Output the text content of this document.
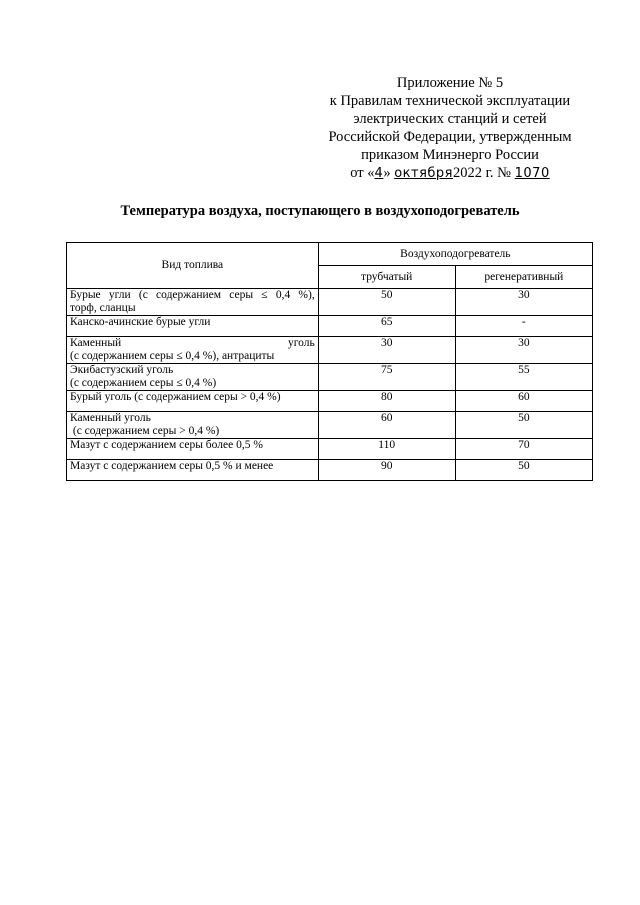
Приложение № 5
к Правилам технической эксплуатации
электрических станций и сетей
Российской Федерации, утвержденным
приказом Минэнерго России
от «4» октября2022 г. № 1070
Температура воздуха, поступающего в воздухоподогреватель
Вид топлива	Воздухоподогреватель	
	трубчатый	регенеративный

Бурые угли (с содержанием серы ≤ 0,4 %),
торф, сланцы	50	30

Канско-ачинские бурые угли	65	-

Каменный уголь
(с содержанием серы ≤ 0,4 %), антрациты	30	30

Экибастузский уголь
(с содержанием серы ≤ 0,4 %)	75	55

Бурый уголь (с содержанием серы > 0,4 %)	80	60

Каменный уголь
(с содержанием серы > 0,4 %)	60	50

Мазут с содержанием серы более 0,5 %	110	70

Мазут с содержанием серы 0,5 % и менее	90	50
